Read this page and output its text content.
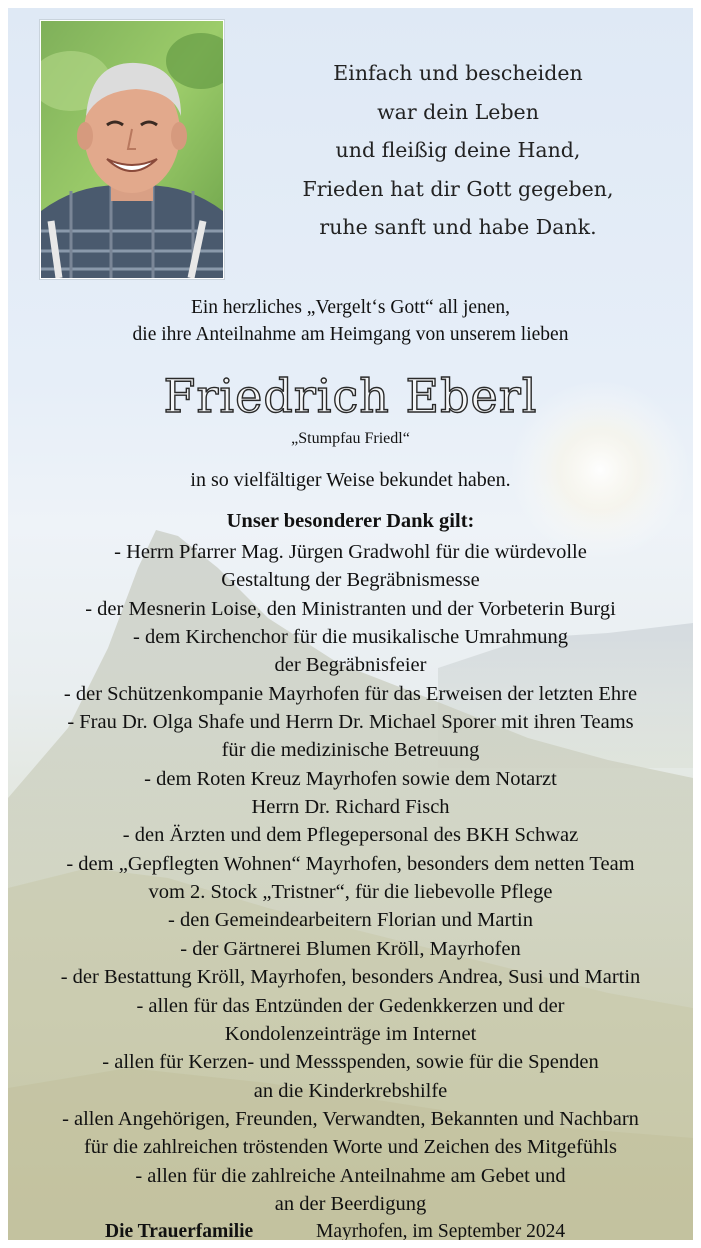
Einfach und bescheiden
war dein Leben
und fleißig deine Hand,
Frieden hat dir Gott gegeben,
ruhe sanft und habe Dank.
Ein herzliches „Vergelt‘s Gott“ all jenen,
die ihre Anteilnahme am Heimgang von unserem lieben
Friedrich Eberl
„Stumpfau Friedl“
in so vielfältiger Weise bekundet haben.
Unser besonderer Dank gilt:
- Herrn Pfarrer Mag. Jürgen Gradwohl für die würdevolle
Gestaltung der Begräbnismesse
- der Mesnerin Loise, den Ministranten und der Vorbeterin Burgi
- dem Kirchenchor für die musikalische Umrahmung
der Begräbnisfeier
- der Schützenkompanie Mayrhofen für das Erweisen der letzten Ehre
- Frau Dr. Olga Shafe und Herrn Dr. Michael Sporer mit ihren Teams
für die medizinische Betreuung
- dem Roten Kreuz Mayrhofen sowie dem Notarzt
Herrn Dr. Richard Fisch
- den Ärzten und dem Pflegepersonal des BKH Schwaz
- dem „Gepflegten Wohnen“ Mayrhofen, besonders dem netten Team
vom 2. Stock „Tristner“, für die liebevolle Pflege
- den Gemeindearbeitern Florian und Martin
- der Gärtnerei Blumen Kröll, Mayrhofen
- der Bestattung Kröll, Mayrhofen, besonders Andrea, Susi und Martin
- allen für das Entzünden der Gedenkkerzen und der
Kondolenzeinträge im Internet
- allen für Kerzen- und Messspenden, sowie für die Spenden
an die Kinderkrebshilfe
- allen Angehörigen, Freunden, Verwandten, Bekannten und Nachbarn
für die zahlreichen tröstenden Worte und Zeichen des Mitgefühls
- allen für die zahlreiche Anteilnahme am Gebet und
an der Beerdigung
Die Trauerfamilie	Mayrhofen, im September 2024
